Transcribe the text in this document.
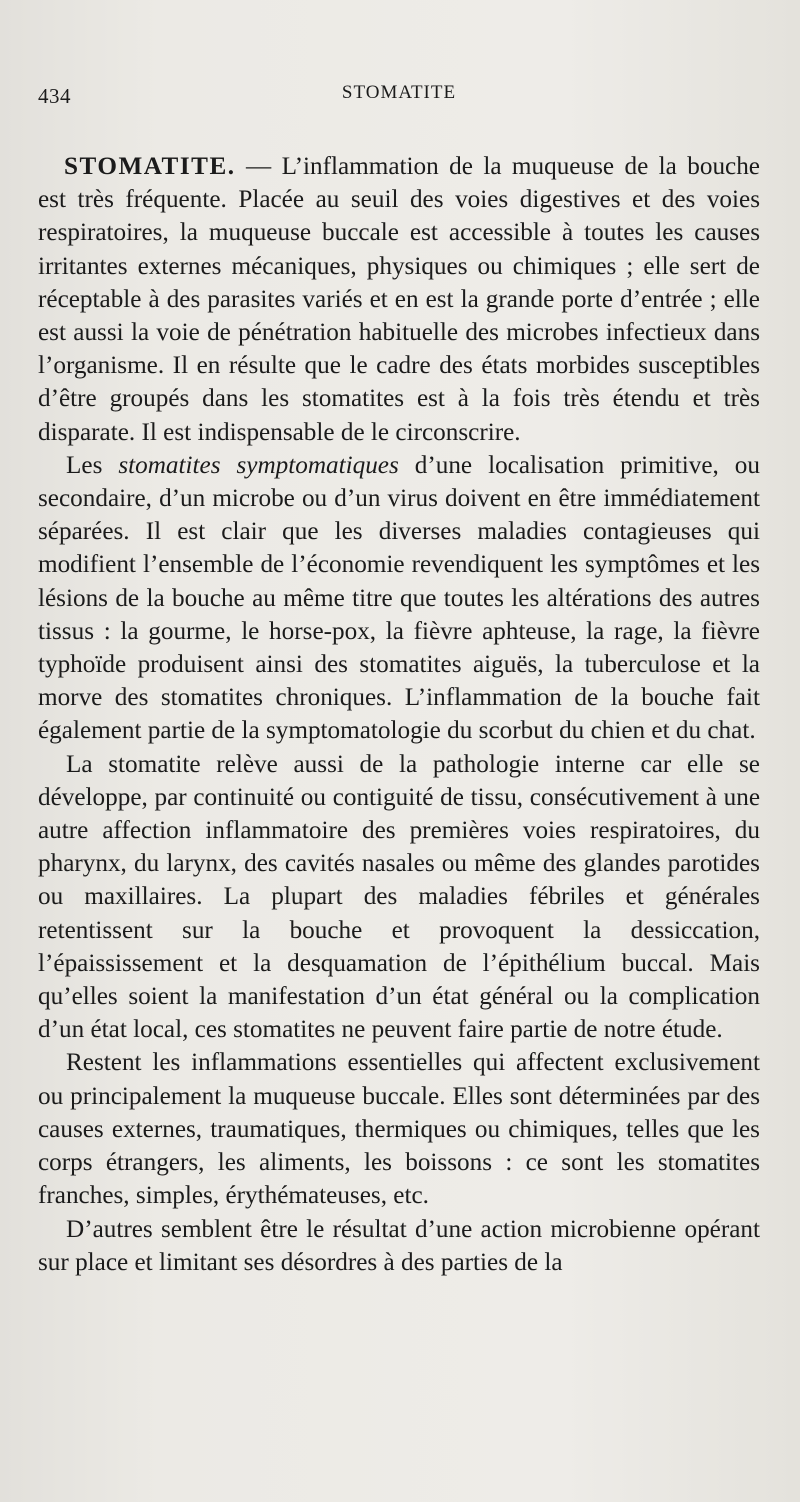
434	STOMATITE

STOMATITE. — L’inflammation de la muqueuse de la bouche est très fréquente. Placée au seuil des voies digestives et des voies respiratoires, la muqueuse buccale est accessible à toutes les causes irritantes externes mécaniques, physiques ou chimiques ; elle sert de réceptable à des parasites variés et en est la grande porte d’entrée ; elle est aussi la voie de pénétration habituelle des microbes infectieux dans l’organisme. Il en résulte que le cadre des états morbides susceptibles d’être groupés dans les stomatites est à la fois très étendu et très disparate. Il est indispensable de le circonscrire.

Les stomatites symptomatiques d’une localisation primitive, ou secondaire, d’un microbe ou d’un virus doivent en être immédiatement séparées. Il est clair que les diverses maladies contagieuses qui modifient l’ensemble de l’économie revendiquent les symptômes et les lésions de la bouche au même titre que toutes les altérations des autres tissus : la gourme, le horse-pox, la fièvre aphteuse, la rage, la fièvre typhoïde produisent ainsi des stomatites aiguës, la tuberculose et la morve des stomatites chroniques. L’inflammation de la bouche fait également partie de la symptomatologie du scorbut du chien et du chat.

La stomatite relève aussi de la pathologie interne car elle se développe, par continuité ou contiguité de tissu, consécutivement à une autre affection inflammatoire des premières voies respiratoires, du pharynx, du larynx, des cavités nasales ou même des glandes parotides ou maxillaires. La plupart des maladies fébriles et générales retentissent sur la bouche et provoquent la dessiccation, l’épaississement et la desquamation de l’épithélium buccal. Mais qu’elles soient la manifestation d’un état général ou la complication d’un état local, ces stomatites ne peuvent faire partie de notre étude.

Restent les inflammations essentielles qui affectent exclusivement ou principalement la muqueuse buccale. Elles sont déterminées par des causes externes, traumatiques, thermiques ou chimiques, telles que les corps étrangers, les aliments, les boissons : ce sont les stomatites franches, simples, érythémateuses, etc.

D’autres semblent être le résultat d’une action microbienne opérant sur place et limitant ses désordres à des parties de la
